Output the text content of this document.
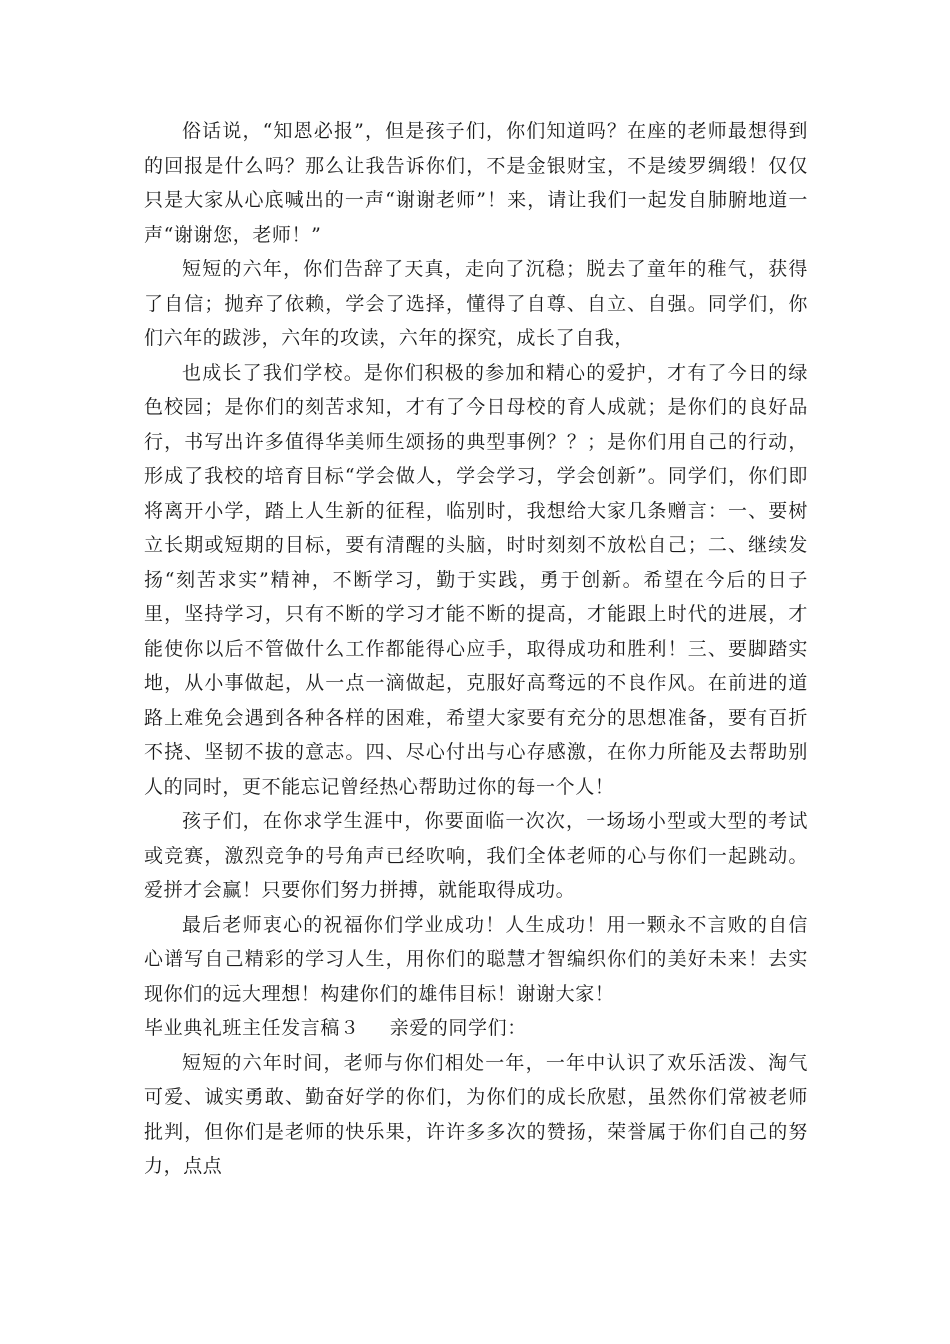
俗话说，“知恩必报”，但是孩子们，你们知道吗？在座的老师最想得到的回报是什么吗？那么让我告诉你们，不是金银财宝，不是绫罗绸缎！仅仅只是大家从心底喊出的一声“谢谢老师”！来，请让我们一起发自肺腑地道一声“谢谢您，老师！”

短短的六年，你们告辞了天真，走向了沉稳；脱去了童年的稚气，获得了自信；抛弃了依赖，学会了选择，懂得了自尊、自立、自强。同学们，你们六年的跋涉，六年的攻读，六年的探究，成长了自我，

也成长了我们学校。是你们积极的参加和精心的爱护，才有了今日的绿色校园；是你们的刻苦求知，才有了今日母校的育人成就；是你们的良好品行，书写出许多值得华美师生颂扬的典型事例？？；是你们用自己的行动，形成了我校的培育目标“学会做人，学会学习，学会创新”。同学们，你们即将离开小学，踏上人生新的征程，临别时，我想给大家几条赠言：一、要树立长期或短期的目标，要有清醒的头脑，时时刻刻不放松自己；二、继续发扬“刻苦求实”精神，不断学习，勤于实践，勇于创新。希望在今后的日子里，坚持学习，只有不断的学习才能不断的提高，才能跟上时代的进展，才能使你以后不管做什么工作都能得心应手，取得成功和胜利！三、要脚踏实地，从小事做起，从一点一滴做起，克服好高骛远的不良作风。在前进的道路上难免会遇到各种各样的困难，希望大家要有充分的思想准备，要有百折不挠、坚韧不拔的意志。四、尽心付出与心存感激，在你力所能及去帮助别人的同时，更不能忘记曾经热心帮助过你的每一个人！

孩子们，在你求学生涯中，你要面临一次次，一场场小型或大型的考试或竞赛，激烈竞争的号角声已经吹响，我们全体老师的心与你们一起跳动。爱拼才会赢！只要你们努力拼搏，就能取得成功。

最后老师衷心的祝福你们学业成功！人生成功！用一颗永不言败的自信心谱写自己精彩的学习人生，用你们的聪慧才智编织你们的美好未来！去实现你们的远大理想！构建你们的雄伟目标！谢谢大家！

毕业典礼班主任发言稿３ 亲爱的同学们：

短短的六年时间，老师与你们相处一年，一年中认识了欢乐活泼、淘气可爱、诚实勇敢、勤奋好学的你们，为你们的成长欣慰，虽然你们常被老师批判，但你们是老师的快乐果，许许多多次的赞扬，荣誉属于你们自己的努力，点点
